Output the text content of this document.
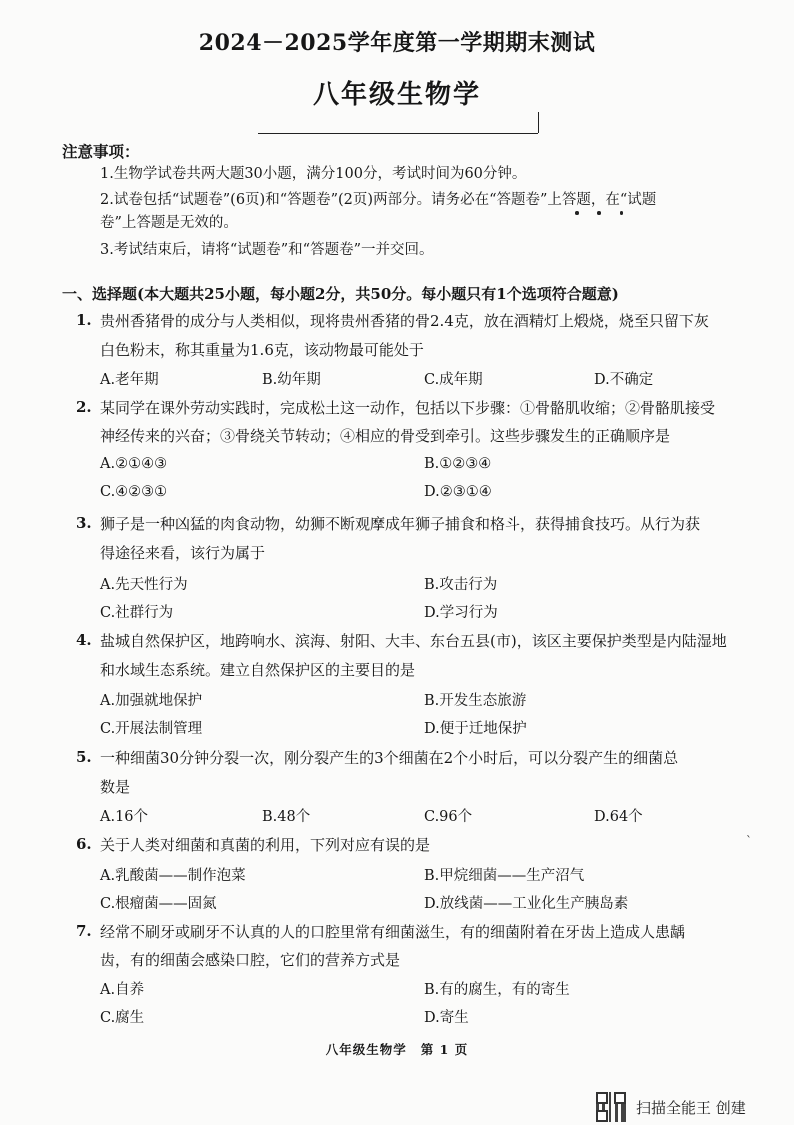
2024－2025学年度第一学期期末测试
八年级生物学
注意事项：
1.生物学试卷共两大题30小题，满分100分，考试时间为60分钟。
2.试卷包括“试题卷”(6页)和“答题卷”(2页)两部分。请务必在“答题卷”上答题，在“试题
卷”上答题是无效的。
3.考试结束后，请将“试题卷”和“答题卷”一并交回。
一、选择题(本大题共25小题，每小题2分，共50分。每小题只有1个选项符合题意)
1. 贵州香猪骨的成分与人类相似，现将贵州香猪的骨2.4克，放在酒精灯上煅烧，烧至只留下灰
白色粉末，称其重量为1.6克，该动物最可能处于
A.老年期	B.幼年期	C.成年期	D.不确定
2. 某同学在课外劳动实践时，完成松土这一动作，包括以下步骤：①骨骼肌收缩；②骨骼肌接受
神经传来的兴奋；③骨绕关节转动；④相应的骨受到牵引。这些步骤发生的正确顺序是
A.②①④③	B.①②③④
C.④②③①	D.②③①④
3. 狮子是一种凶猛的肉食动物，幼狮不断观摩成年狮子捕食和格斗，获得捕食技巧。从行为获
得途径来看，该行为属于
A.先天性行为	B.攻击行为
C.社群行为	D.学习行为
4. 盐城自然保护区，地跨响水、滨海、射阳、大丰、东台五县(市)，该区主要保护类型是内陆湿地
和水域生态系统。建立自然保护区的主要目的是
A.加强就地保护	B.开发生态旅游
C.开展法制管理	D.便于迁地保护
5. 一种细菌30分钟分裂一次，刚分裂产生的3个细菌在2个小时后，可以分裂产生的细菌总
数是
A.16个	B.48个	C.96个	D.64个
`
6. 关于人类对细菌和真菌的利用，下列对应有误的是
A.乳酸菌——制作泡菜	B.甲烷细菌——生产沼气
C.根瘤菌——固氮	D.放线菌——工业化生产胰岛素
7. 经常不刷牙或刷牙不认真的人的口腔里常有细菌滋生，有的细菌附着在牙齿上造成人患龋
齿，有的细菌会感染口腔，它们的营养方式是
A.自养	B.有的腐生，有的寄生
C.腐生	D.寄生
八年级生物学 第 1 页
扫描全能王 创建
